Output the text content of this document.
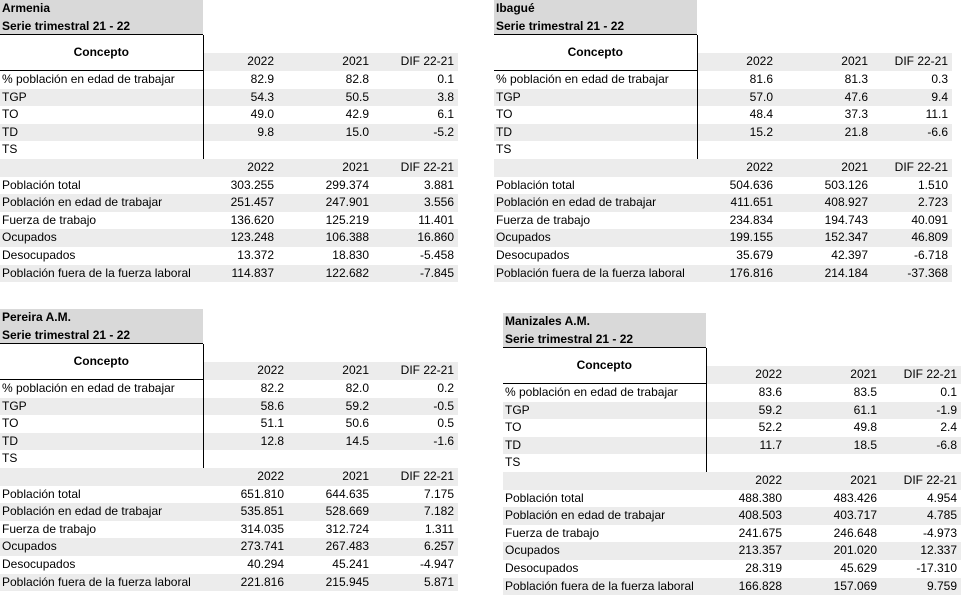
Armenia
Serie trimestral 21 - 22
Concepto			
	2022	2021	DIF 22-21
% población en edad de trabajar	82.9	82.8	0.1
TGP	54.3	50.5	3.8
TO	49.0	42.9	6.1
TD	9.8	15.0	-5.2
TS			
	2022	2021	DIF 22-21
Población total	303.255	299.374	3.881
Población en edad de trabajar	251.457	247.901	3.556
Fuerza de trabajo	136.620	125.219	11.401
Ocupados	123.248	106.388	16.860
Desocupados	13.372	18.830	-5.458
Población fuera de la fuerza laboral	114.837	122.682	-7.845
Ibagué
Serie trimestral 21 - 22
Concepto			
	2022	2021	DIF 22-21
% población en edad de trabajar	81.6	81.3	0.3
TGP	57.0	47.6	9.4
TO	48.4	37.3	11.1
TD	15.2	21.8	-6.6
TS			
	2022	2021	DIF 22-21
Población total	504.636	503.126	1.510
Población en edad de trabajar	411.651	408.927	2.723
Fuerza de trabajo	234.834	194.743	40.091
Ocupados	199.155	152.347	46.809
Desocupados	35.679	42.397	-6.718
Población fuera de la fuerza laboral	176.816	214.184	-37.368
Pereira A.M.
Serie trimestral 21 - 22
Concepto			
	2022	2021	DIF 22-21
% población en edad de trabajar	82.2	82.0	0.2
TGP	58.6	59.2	-0.5
TO	51.1	50.6	0.5
TD	12.8	14.5	-1.6
TS			
	2022	2021	DIF 22-21
Población total	651.810	644.635	7.175
Población en edad de trabajar	535.851	528.669	7.182
Fuerza de trabajo	314.035	312.724	1.311
Ocupados	273.741	267.483	6.257
Desocupados	40.294	45.241	-4.947
Población fuera de la fuerza laboral	221.816	215.945	5.871
Manizales A.M.
Serie trimestral 21 - 22
Concepto			
	2022	2021	DIF 22-21
% población en edad de trabajar	83.6	83.5	0.1
TGP	59.2	61.1	-1.9
TO	52.2	49.8	2.4
TD	11.7	18.5	-6.8
TS			
	2022	2021	DIF 22-21
Población total	488.380	483.426	4.954
Población en edad de trabajar	408.503	403.717	4.785
Fuerza de trabajo	241.675	246.648	-4.973
Ocupados	213.357	201.020	12.337
Desocupados	28.319	45.629	-17.310
Población fuera de la fuerza laboral	166.828	157.069	9.759
